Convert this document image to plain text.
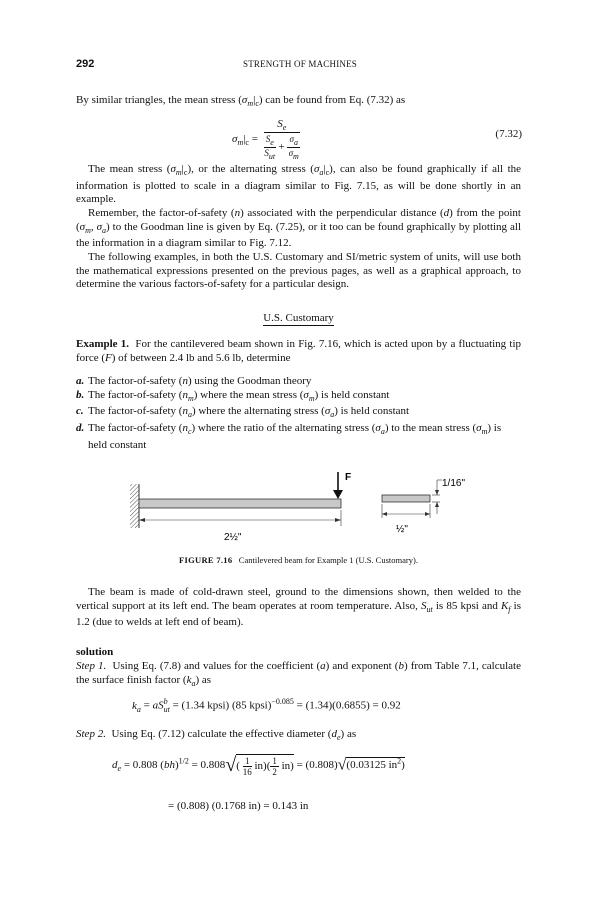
292	STRENGTH OF MACHINES
By similar triangles, the mean stress $(\sigma_m|_c)$ can be found from Eq. (7.32) as
$\sigma_m|_c = \frac{S_e}{\frac{S_e}{S_{ut}} + \frac{\sigma_a}{\sigma_m}}$	(7.32)
The mean stress $(\sigma_m|_c)$, or the alternating stress $(\sigma_a|_c)$, can also be found graphically if all the information is plotted to scale in a diagram similar to Fig. 7.15, as will be done shortly in an example.
Remember, the factor-of-safety (n) associated with the perpendicular distance (d) from the point ($\sigma_m$, $\sigma_a$) to the Goodman line is given by Eq. (7.25), or it too can be found graphically by plotting all the information in a diagram similar to Fig. 7.12.
The following examples, in both the U.S. Customary and SI/metric system of units, will use both the mathematical expressions presented on the previous pages, as well as a graphical approach, to determine the various factors-of-safety for a particular design.
U.S. Customary
Example 1.  For the cantilevered beam shown in Fig. 7.16, which is acted upon by a fluctuating tip force (F) of between 2.4 lb and 5.6 lb, determine
a. The factor-of-safety (n) using the Goodman theory
b. The factor-of-safety $(n_m)$ where the mean stress $(\sigma_m)$ is held constant
c. The factor-of-safety $(n_a)$ where the alternating stress $(\sigma_a)$ is held constant
d. The factor-of-safety $(n_c)$ where the ratio of the alternating stress $(\sigma_a)$ to the mean stress $(\sigma_m)$ is held constant
F
2½"
½"
1/16"
FIGURE 7.16 Cantilevered beam for Example 1 (U.S. Customary).
The beam is made of cold-drawn steel, ground to the dimensions shown, then welded to the vertical support at its left end. The beam operates at room temperature. Also, $S_{ut}$ is 85 kpsi and $K_f$ is 1.2 (due to welds at left end of beam).
solution
Step 1.  Using Eq. (7.8) and values for the coefficient (a) and exponent (b) from Table 7.1, calculate the surface finish factor $(k_a)$ as
$k_a = aS^b_{ut} = (1.34$ kpsi) (85 kpsi)$^{-0.085}$ = (1.34)(0.6855) = 0.92
Step 2.  Using Eq. (7.12) calculate the effective diameter $(d_e)$ as
$d_e = 0.808$ $(bh)^{1/2} = 0.808√( \frac{1}{16} in)( \frac{1}{2} in) = (0.808)√(0.03125$ $in^2$)
= (0.808) (0.1768 in) = 0.143 in
